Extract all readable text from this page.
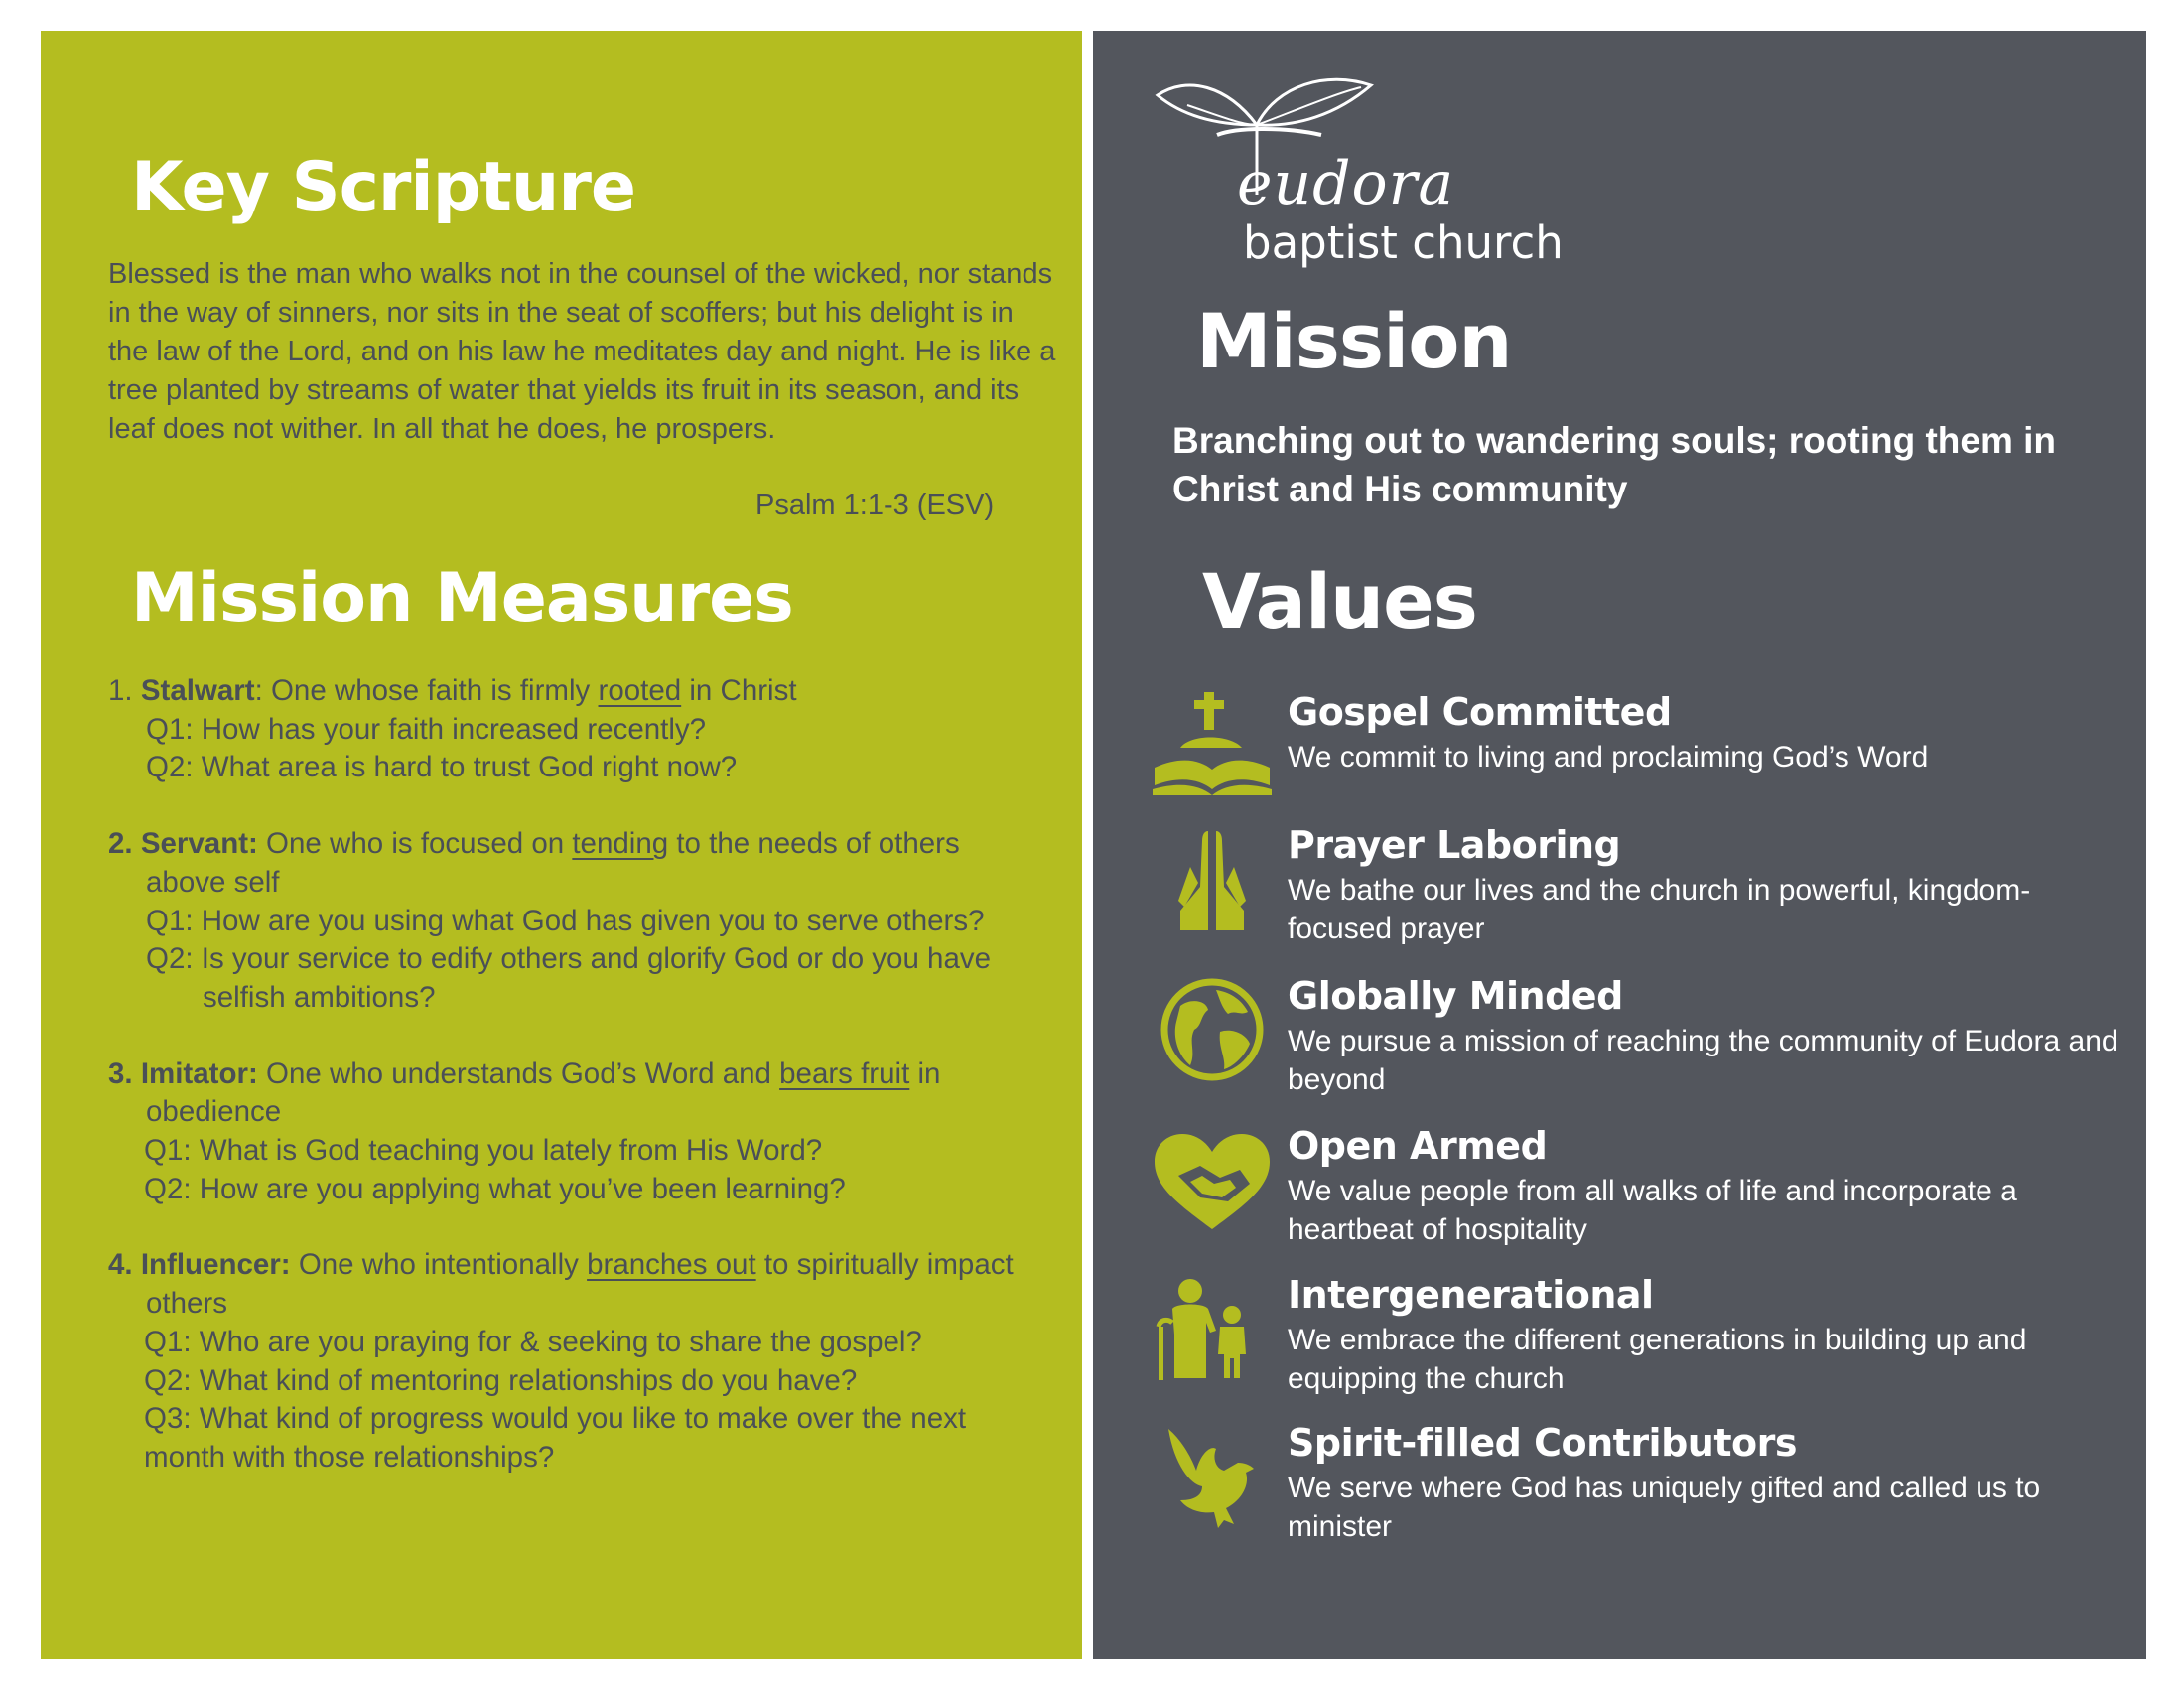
Key Scripture
Blessed is the man who walks not in the counsel of the wicked, nor stands in the way of sinners, nor sits in the seat of scoffers; but his delight is in the law of the Lord, and on his law he meditates day and night. He is like a tree planted by streams of water that yields its fruit in its season, and its leaf does not wither. In all that he does, he prospers.
Psalm 1:1-3 (ESV)
Mission Measures
1. Stalwart: One whose faith is firmly rooted in Christ
Q1: How has your faith increased recently?
Q2: What area is hard to trust God right now?
2. Servant: One who is focused on tending to the needs of others above self
Q1: How are you using what God has given you to serve others?
Q2: Is your service to edify others and glorify God or do you have selfish ambitions?
3. Imitator: One who understands God’s Word and bears fruit in obedience
Q1: What is God teaching you lately from His Word?
Q2: How are you applying what you’ve been learning?
4. Influencer: One who intentionally branches out to spiritually impact others
Q1: Who are you praying for & seeking to share the gospel?
Q2: What kind of mentoring relationships do you have?
Q3: What kind of progress would you like to make over the next month with those relationships?
eudora
baptist church
Mission
Branching out to wandering souls; rooting them in Christ and His community
Values
Gospel Committed
We commit to living and proclaiming God’s Word
Prayer Laboring
We bathe our lives and the church in powerful, kingdom-focused prayer
Globally Minded
We pursue a mission of reaching the community of Eudora and beyond
Open Armed
We value people from all walks of life and incorporate a heartbeat of hospitality
Intergenerational
We embrace the different generations in building up and equipping the church
Spirit-filled Contributors
We serve where God has uniquely gifted and called us to minister
